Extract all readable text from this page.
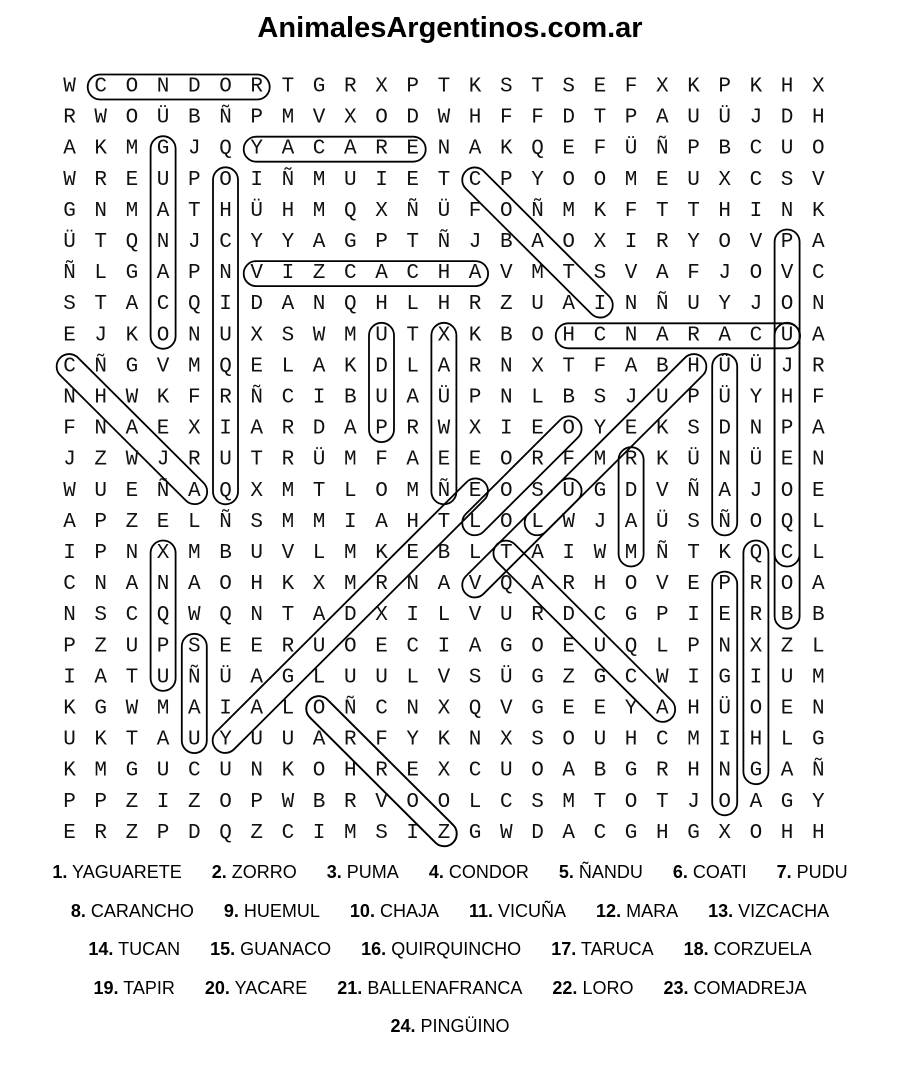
AnimalesArgentinos.com.ar
W C O N D O R T G R X P T K S T S E F X K P K H X
R W O Ü B Ñ P M V X O D W H F F D T P A U Ü J D H
A K M G J Q Y A C A R E N A K Q E F Ü Ñ P B C U O
W R E U P O I Ñ M U I E T C P Y O O M E U X C S V
G N M A T H Ü H M Q X Ñ Ü F O Ñ M K F T T H I N K
Ü T Q N J C Y Y A G P T Ñ J B A O X I R Y O V P A
Ñ L G A P N V I Z C A C H A V M T S V A F J O V C
S T A C Q I D A N Q H L H R Z U A I N Ñ U Y J O N
E J K O N U X S W M U T X K B O H C N A R A C U A
C Ñ G V M Q E L A K D L A R N X T F A B H Ü Ü J R
N H W K F R Ñ C I B U A Ü P N L B S J U P Ü Y H F
F N A E X I A R D A P R W X I E O Y E K S D N P A
J Z W J R U T R Ü M F A E E O R F M R K Ü N Ü E N
W U E Ñ A Q X M T L O M Ñ E O S U G D V Ñ A J O E
A P Z E L Ñ S M M I A H T L O L W J A Ü S Ñ O Q L
I P N X M B U V L M K E B L T A I W M Ñ T K Q C L
C N A N A O H K X M R N A V Q A R H O V E P R O A
N S C Q W Q N T A D X I L V U R D C G P I E R B B
P Z U P S E E R U O E C I A G O E U Q L P N X Z L
I A T U Ñ Ü A G L U U L V S Ü G Z G C W I G I U M
K G W M A I A L O Ñ C N X Q V G E E Y A H Ü O E N
U K T A U Y U U A R F Y K N X S O U H C M I H L G
K M G U C U N K O H R E X C U O A B G R H N G A Ñ
P P Z I Z O P W B R V O O L C S M T O T J O A G Y
E R Z P D Q Z C I M S I Z G W D A C G H G X O H H
1. YAGUARETE 2. ZORRO 3. PUMA 4. CONDOR 5. ÑANDU 6. COATI 7. PUDU
8. CARANCHO 9. HUEMUL 10. CHAJA 11. VICUÑA 12. MARA 13. VIZCACHA
14. TUCAN 15. GUANACO 16. QUIRQUINCHO 17. TARUCA 18. CORZUELA
19. TAPIR 20. YACARE 21. BALLENAFRANCA 22. LORO 23. COMADREJA
24. PINGÜINO
